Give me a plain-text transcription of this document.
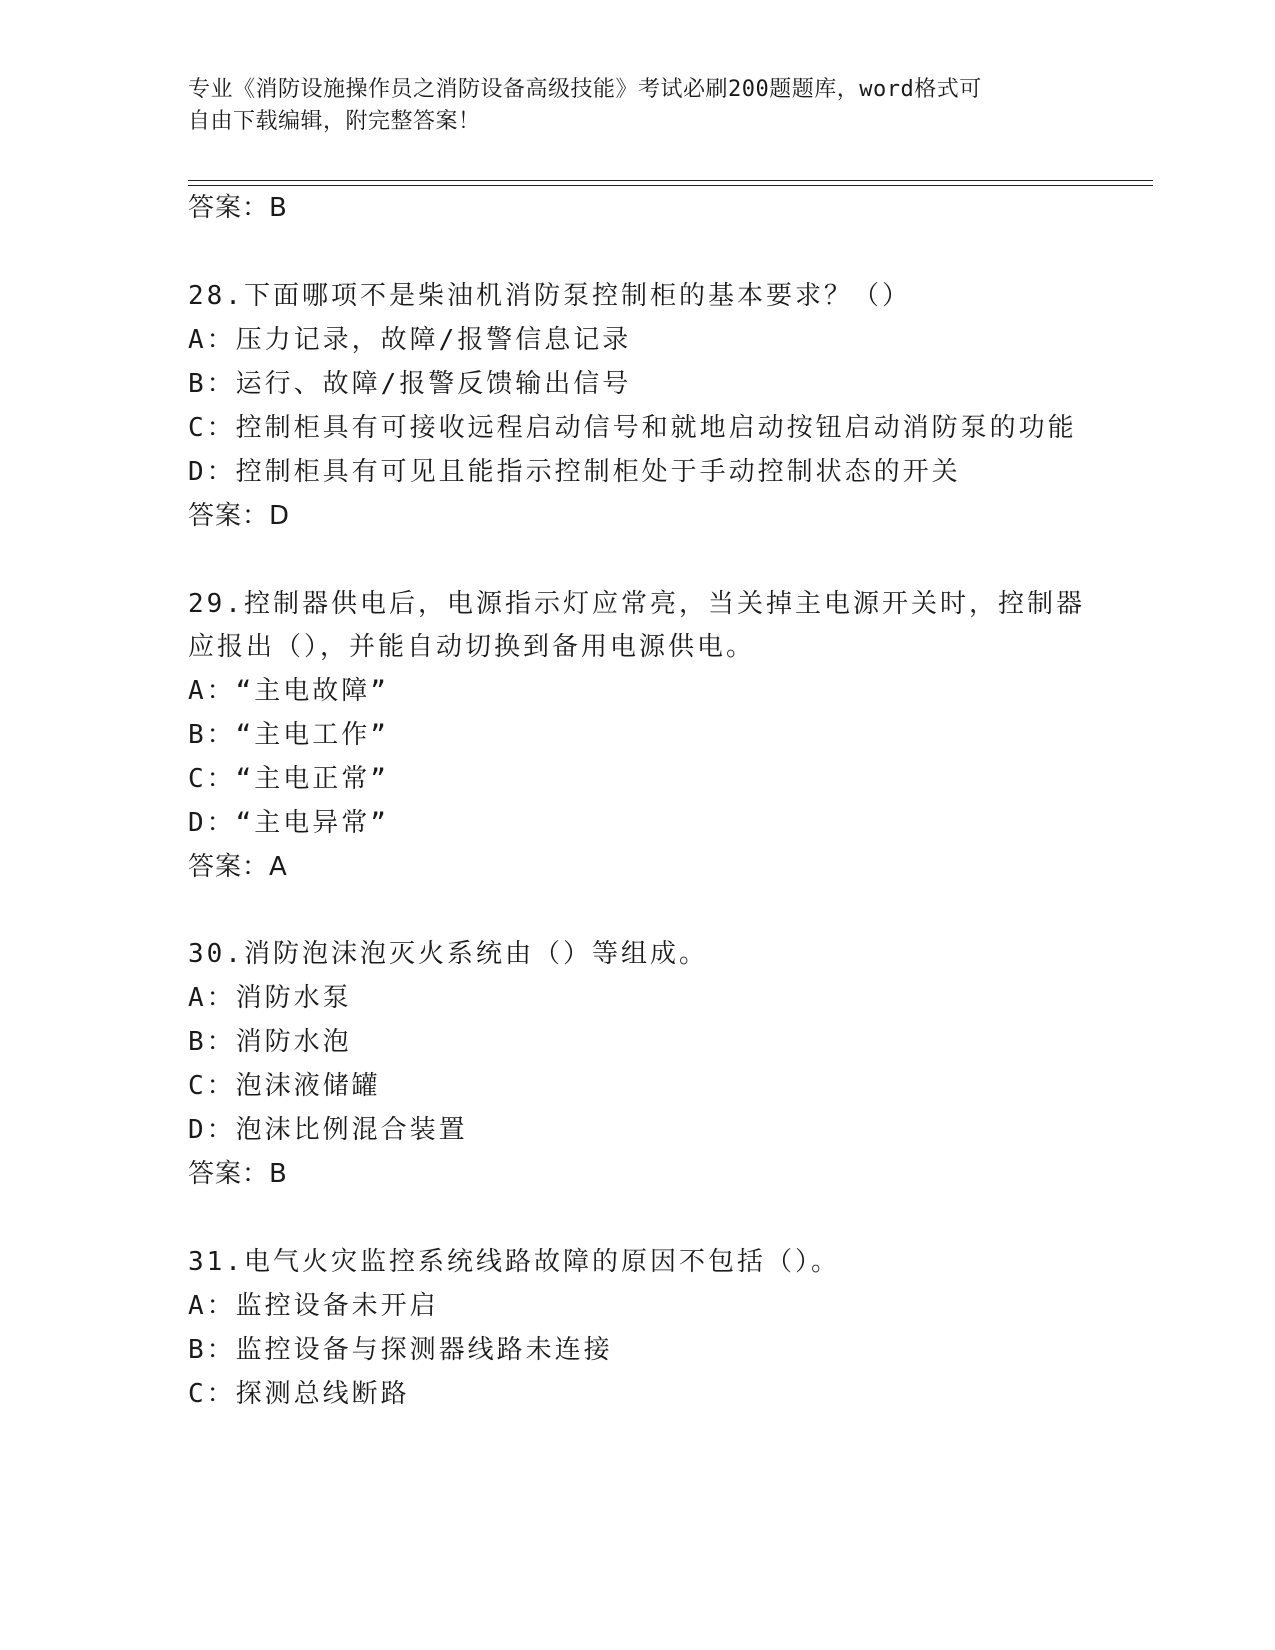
专业《消防设施操作员之消防设备高级技能》考试必刷200题题库，word格式可
自由下载编辑，附完整答案！
答案：B
28.下面哪项不是柴油机消防泵控制柜的基本要求？（）
A：压力记录，故障/报警信息记录
B：运行、故障/报警反馈输出信号
C：控制柜具有可接收远程启动信号和就地启动按钮启动消防泵的功能
D：控制柜具有可见且能指示控制柜处于手动控制状态的开关
答案：D
29.控制器供电后，电源指示灯应常亮，当关掉主电源开关时，控制器
应报出（），并能自动切换到备用电源供电。
A：“主电故障”
B：“主电工作”
C：“主电正常”
D：“主电异常”
答案：A
30.消防泡沫泡灭火系统由（）等组成。
A：消防水泵
B：消防水泡
C：泡沫液储罐
D：泡沫比例混合装置
答案：B
31.电气火灾监控系统线路故障的原因不包括（）。
A：监控设备未开启
B：监控设备与探测器线路未连接
C：探测总线断路
